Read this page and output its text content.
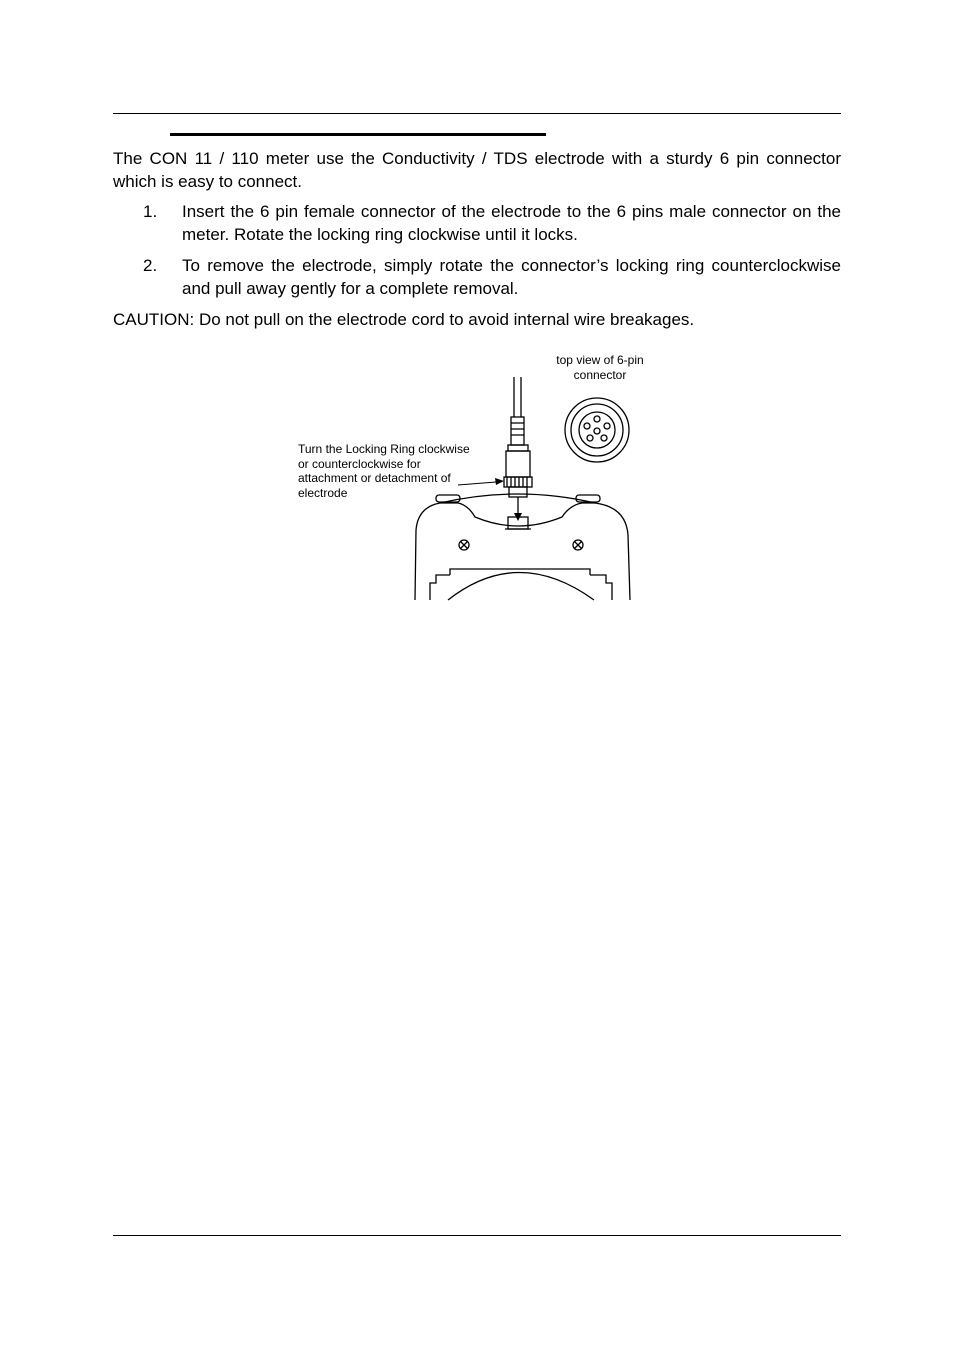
The CON 11 / 110 meter use the Conductivity / TDS electrode with a sturdy 6 pin connector which is easy to connect.

1. Insert the 6 pin female connector of the electrode to the 6 pins male connector on the meter. Rotate the locking ring clockwise until it locks.

2. To remove the electrode, simply rotate the connector’s locking ring counterclockwise and pull away gently for a complete removal.

CAUTION: Do not pull on the electrode cord to avoid internal wire breakages.

top view of 6-pin connector
Turn the Locking Ring clockwise or counterclockwise for attachment or detachment of electrode
